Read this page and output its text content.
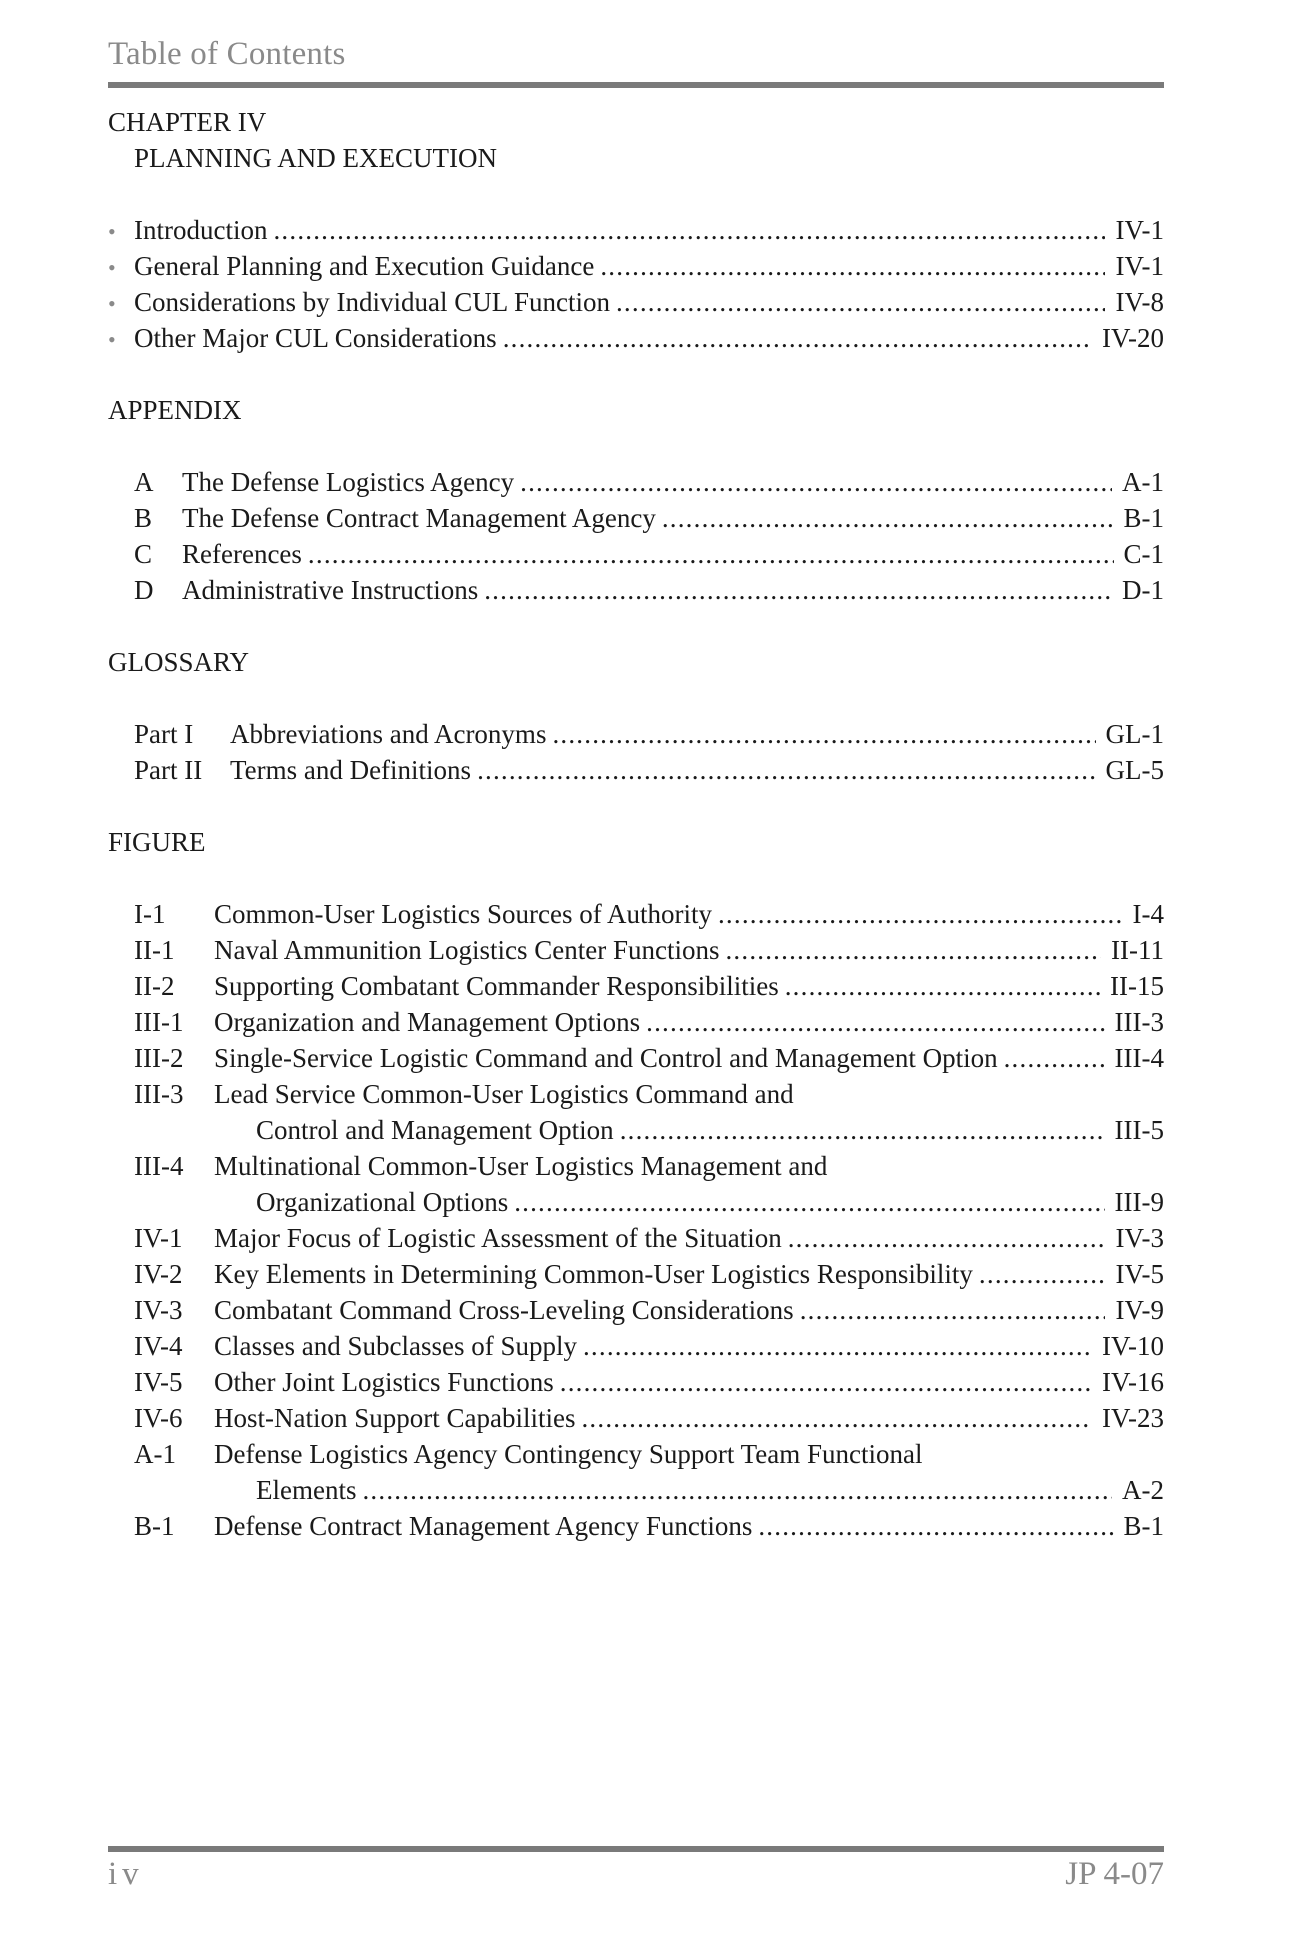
Table of Contents
CHAPTER IV
PLANNING AND EXECUTION
• Introduction .....	IV-1
• General Planning and Execution Guidance .....	IV-1
• Considerations by Individual CUL Function .....	IV-8
• Other Major CUL Considerations .....	IV-20
APPENDIX
A	The Defense Logistics Agency .....	A-1
B	The Defense Contract Management Agency .....	B-1
C	References .....	C-1
D	Administrative Instructions .....	D-1
GLOSSARY
Part I	Abbreviations and Acronyms .....	GL-1
Part II	Terms and Definitions .....	GL-5
FIGURE
I-1	Common-User Logistics Sources of Authority .....	I-4
II-1	Naval Ammunition Logistics Center Functions .....	II-11
II-2	Supporting Combatant Commander Responsibilities .....	II-15
III-1	Organization and Management Options .....	III-3
III-2	Single-Service Logistic Command and Control and Management Option .....	III-4
III-3	Lead Service Common-User Logistics Command and
Control and Management Option .....	III-5
III-4	Multinational Common-User Logistics Management and
Organizational Options .....	III-9
IV-1	Major Focus of Logistic Assessment of the Situation .....	IV-3
IV-2	Key Elements in Determining Common-User Logistics Responsibility .....	IV-5
IV-3	Combatant Command Cross-Leveling Considerations .....	IV-9
IV-4	Classes and Subclasses of Supply .....	IV-10
IV-5	Other Joint Logistics Functions .....	IV-16
IV-6	Host-Nation Support Capabilities .....	IV-23
A-1	Defense Logistics Agency Contingency Support Team Functional
Elements .....	A-2
B-1	Defense Contract Management Agency Functions .....	B-1
iv	JP 4-07
